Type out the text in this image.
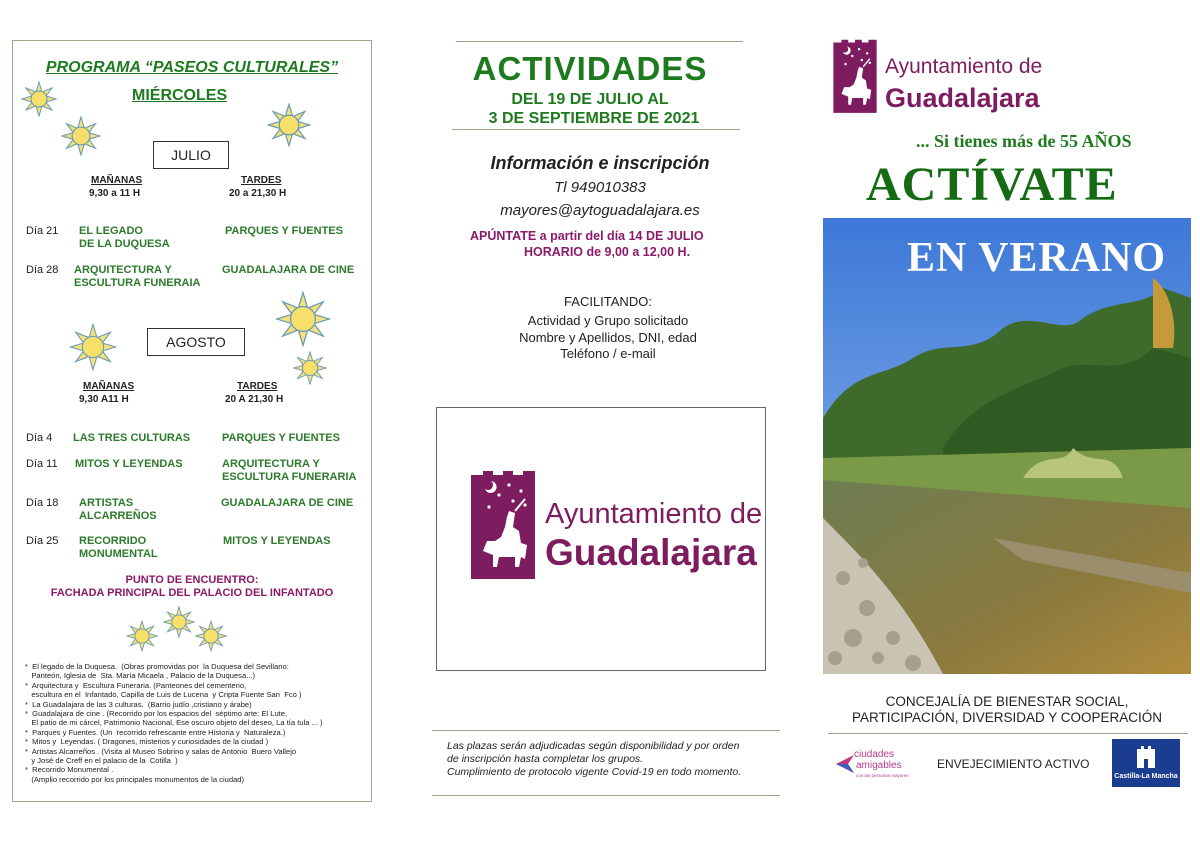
PROGRAMA “PASEOS CULTURALES”
MIÉRCOLES
JULIO
MAÑANAS
9,30 a 11 H
TARDES
20 a 21,30 H
Día 21 EL LEGADO
DE LA DUQUESA
PARQUES Y FUENTES
Día 28 ARQUITECTURA Y
ESCULTURA FUNERAIA
GUADALAJARA DE CINE
AGOSTO
MAÑANAS
9,30 A11 H
TARDES
20 A 21,30 H
Día 4 LAS TRES CULTURAS	PARQUES Y FUENTES
Día 11 MITOS Y LEYENDAS	ARQUITECTURA Y
ESCULTURA FUNERARIA
Día 18 ARTISTAS
ALCARREÑOS
GUADALAJARA DE CINE
Día 25 RECORRIDO
MONUMENTAL
MITOS Y LEYENDAS
PUNTO DE ENCUENTRO:
FACHADA PRINCIPAL DEL PALACIO DEL INFANTADO
*  El legado de la Duquesa.  (Obras promovidas por  la Duquesa del Sevillano:
Panteón, Iglesia de  Sta. María Micaela , Palacio de la Duquesa...)
*  Arquitectura y  Escultura Funeraria. (Panteones del cementerio,
escultura en el  Infantado, Capilla de Luis de Lucena  y Cripta Fuente San  Fco )
*  La Guadalajara de las 3 culturas.  (Barrio judío ,cristiano y árabe)
*  Guadalajara de cine . (Recorrido por los espacios del  séptimo arte: El Lute,
El patio de mi cárcel, Patrimonio Nacional, Ese oscuro objeto del deseo, La tía tula ... )
*  Parques y Fuentes. (Un  recorrido refrescante entre Historia y  Naturaleza.)
*  Mitos y  Leyendas. ( Dragones, misterios y curiosidades de la ciudad )
*  Artistas Alcarreños . (Visita al Museo Sobrino y salas de Antonio  Buero Vallejo
y José de Creff en el palacio de la  Cotilla  )
*  Recorrido Monumental .
(Amplio recorrido por los principales monumentos de la ciudad)
ACTIVIDADES
DEL 19 DE JULIO AL
3 DE SEPTIEMBRE DE 2021
Información e inscripción
Tl 949010383
mayores@aytoguadalajara.es
APÚNTATE a partir del día 14 DE JULIO
HORARIO de 9,00 a 12,00 H.
FACILITANDO:
Actividad y Grupo solicitado
Nombre y Apellidos, DNI, edad
Teléfono / e-mail
Ayuntamiento de
Guadalajara
Las plazas serán adjudicadas según disponibilidad y por orden
de inscripción hasta completar los grupos.
Cumplimiento de protocolo vigente Covid-19 en todo momento.
Ayuntamiento de
Guadalajara
... Si tienes más de 55 AÑOS
ACTÍVATE
EN VERANO
CONCEJALÍA DE BIENESTAR SOCIAL,
PARTICIPACIÓN, DIVERSIDAD Y COOPERACIÓN
ciudades
amigables
con las personas mayores
ENVEJECIMIENTO ACTIVO
Castilla-La Mancha
